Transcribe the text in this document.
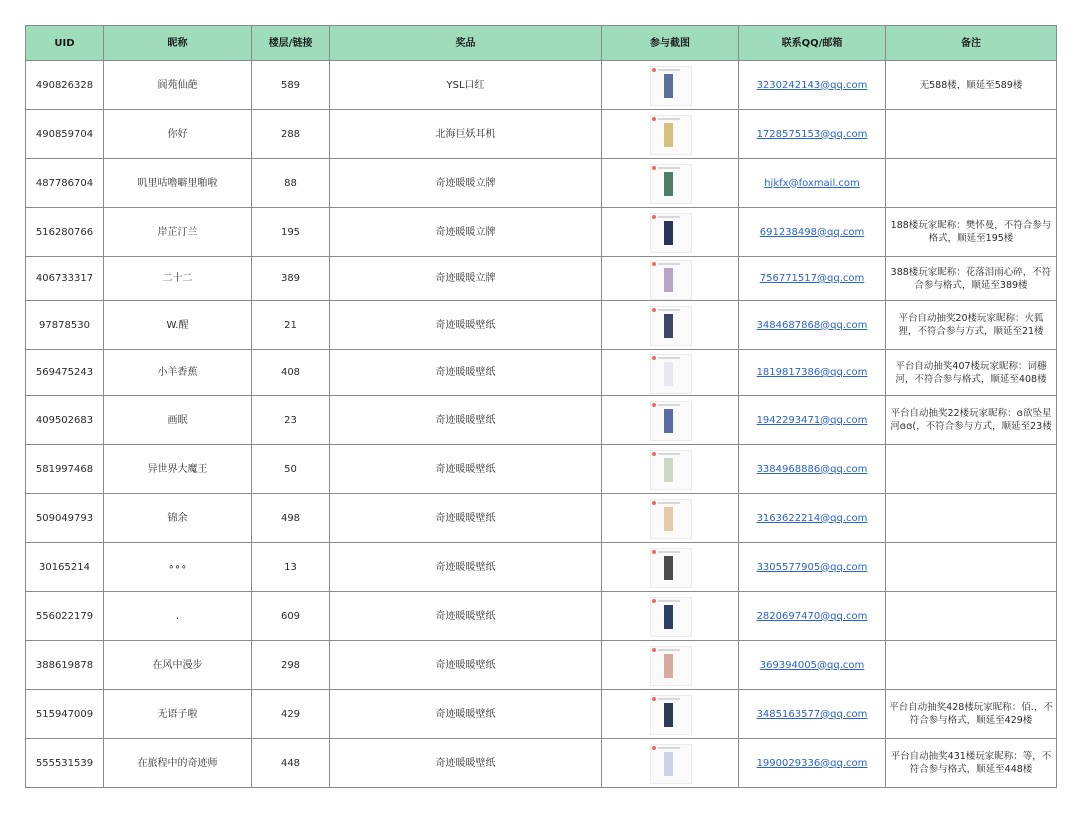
UID	昵称	楼层/链接	奖品	参与截图	联系QQ/邮箱	备注
490826328	阆苑仙葩	589	YSL口红		3230242143@qq.com	无588楼，顺延至589楼
490859704	你好	288	北海巨妖耳机		1728575153@qq.com	
487786704	叽里咕噜噼里啪啦	88	奇迹暖暖立牌		hjkfx@foxmail.com	
516280766	岸芷汀兰	195	奇迹暖暖立牌		691238498@qq.com	188楼玩家昵称：樊怀曼，不符合参与格式，顺延至195楼
406733317	二十二	389	奇迹暖暖立牌		756771517@qq.com	388楼玩家昵称：花落泪雨心碎，不符合参与格式，顺延至389楼
97878530	W.醒	21	奇迹暖暖壁纸		3484687868@qq.com	平台自动抽奖20楼玩家昵称：火狐狸，不符合参与方式，顺延至21楼
569475243	小羊香蕉	408	奇迹暖暖壁纸		1819817386@qq.com	平台自动抽奖407楼玩家昵称：词穗河，不符合参与格式，顺延至408楼
409502683	画眠	23	奇迹暖暖壁纸		1942293471@qq.com	平台自动抽奖22楼玩家昵称：ɞ欲坠星河ɞɞ(，不符合参与方式，顺延至23楼
581997468	异世界大魔王	50	奇迹暖暖壁纸		3384968886@qq.com	
509049793	锦余	498	奇迹暖暖壁纸		3163622214@qq.com	
30165214	∘∘∘	13	奇迹暖暖壁纸		3305577905@qq.com	
556022179	.	609	奇迹暖暖壁纸		2820697470@qq.com	
388619878	在风中漫步	298	奇迹暖暖壁纸		369394005@qq.com	
515947009	无语子啦	429	奇迹暖暖壁纸		3485163577@qq.com	平台自动抽奖428楼玩家昵称：佰.，不符合参与格式，顺延至429楼
555531539	在旅程中的奇迹师	448	奇迹暖暖壁纸		1990029336@qq.com	平台自动抽奖431楼玩家昵称：等，不符合参与格式，顺延至448楼
